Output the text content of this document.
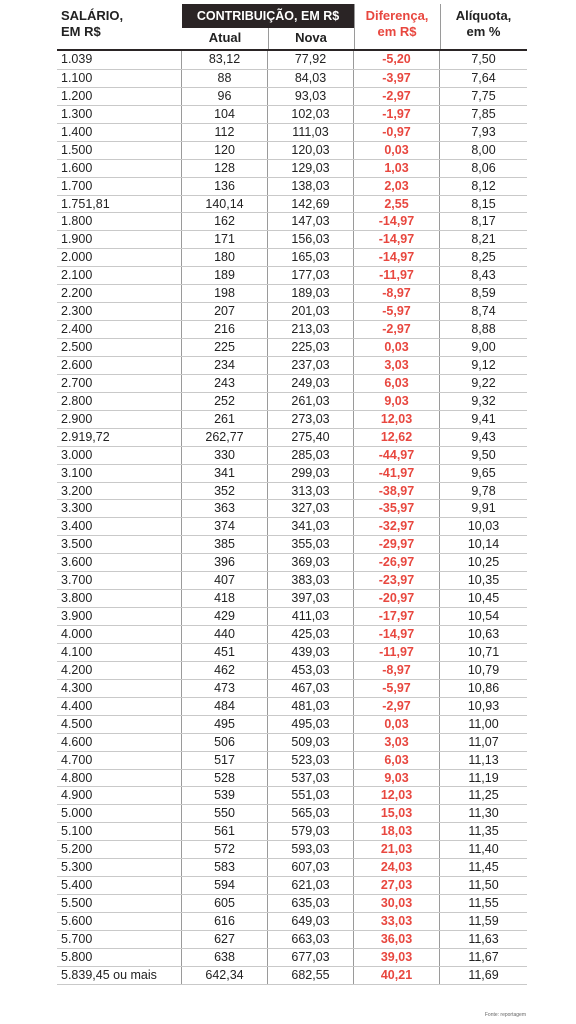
SALÁRIO,
EM R$
CONTRIBUIÇÃO, EM R$
Atual	Nova
Diferença,
em R$
Alíquota,
em %
1.039	83,12	77,92	-5,20	7,50
1.100	88	84,03	-3,97	7,64
1.200	96	93,03	-2,97	7,75
1.300	104	102,03	-1,97	7,85
1.400	112	111,03	-0,97	7,93
1.500	120	120,03	0,03	8,00
1.600	128	129,03	1,03	8,06
1.700	136	138,03	2,03	8,12
1.751,81	140,14	142,69	2,55	8,15
1.800	162	147,03	-14,97	8,17
1.900	171	156,03	-14,97	8,21
2.000	180	165,03	-14,97	8,25
2.100	189	177,03	-11,97	8,43
2.200	198	189,03	-8,97	8,59
2.300	207	201,03	-5,97	8,74
2.400	216	213,03	-2,97	8,88
2.500	225	225,03	0,03	9,00
2.600	234	237,03	3,03	9,12
2.700	243	249,03	6,03	9,22
2.800	252	261,03	9,03	9,32
2.900	261	273,03	12,03	9,41
2.919,72	262,77	275,40	12,62	9,43
3.000	330	285,03	-44,97	9,50
3.100	341	299,03	-41,97	9,65
3.200	352	313,03	-38,97	9,78
3.300	363	327,03	-35,97	9,91
3.400	374	341,03	-32,97	10,03
3.500	385	355,03	-29,97	10,14
3.600	396	369,03	-26,97	10,25
3.700	407	383,03	-23,97	10,35
3.800	418	397,03	-20,97	10,45
3.900	429	411,03	-17,97	10,54
4.000	440	425,03	-14,97	10,63
4.100	451	439,03	-11,97	10,71
4.200	462	453,03	-8,97	10,79
4.300	473	467,03	-5,97	10,86
4.400	484	481,03	-2,97	10,93
4.500	495	495,03	0,03	11,00
4.600	506	509,03	3,03	11,07
4.700	517	523,03	6,03	11,13
4.800	528	537,03	9,03	11,19
4.900	539	551,03	12,03	11,25
5.000	550	565,03	15,03	11,30
5.100	561	579,03	18,03	11,35
5.200	572	593,03	21,03	11,40
5.300	583	607,03	24,03	11,45
5.400	594	621,03	27,03	11,50
5.500	605	635,03	30,03	11,55
5.600	616	649,03	33,03	11,59
5.700	627	663,03	36,03	11,63
5.800	638	677,03	39,03	11,67
5.839,45 ou mais	642,34	682,55	40,21	11,69
Fonte: reportagem
